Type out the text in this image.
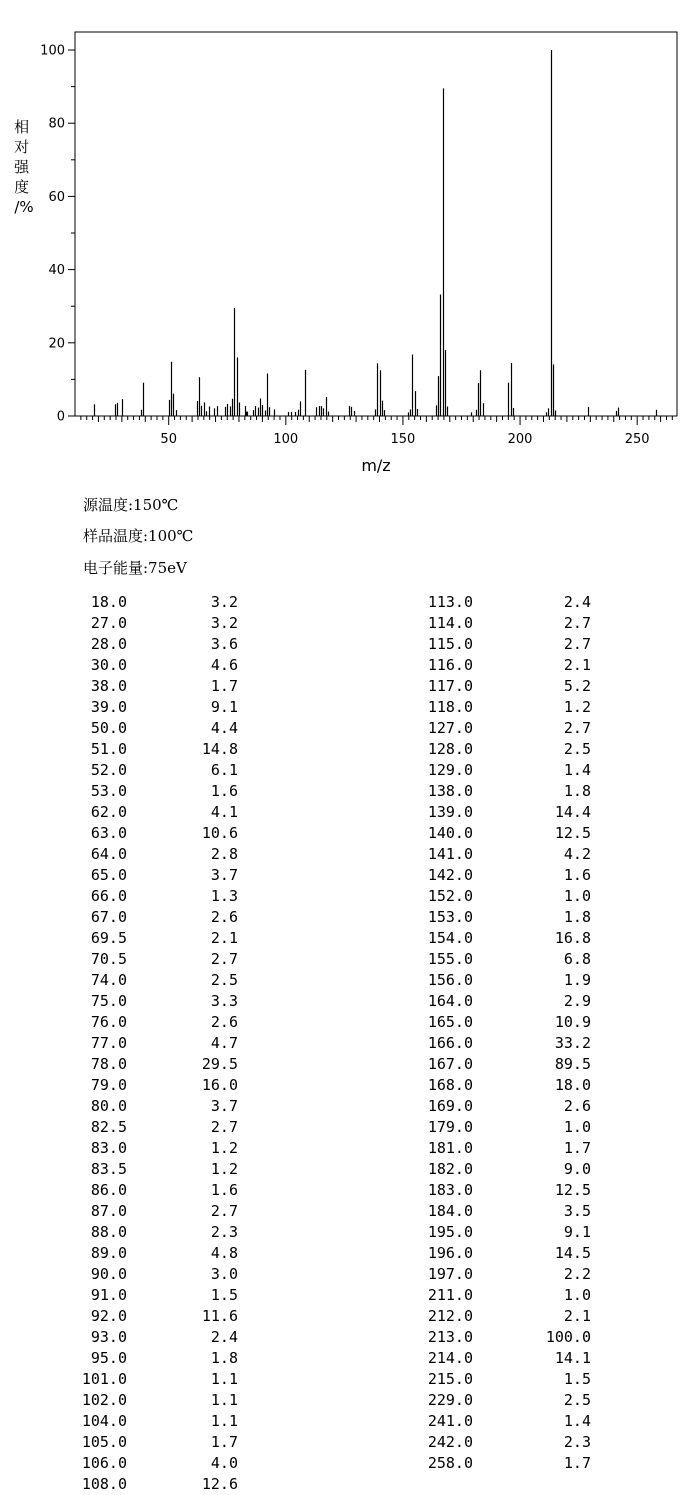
50	100	150	200	250
0
20
40
60
80
100
m/z
相 对 强 度 /%
源温度:150℃
样品温度:100℃
电子能量:75eV
18.0	3.2
27.0	3.2
28.0	3.6
30.0	4.6
38.0	1.7
39.0	9.1
50.0	4.4
51.0	14.8
52.0	6.1
53.0	1.6
62.0	4.1
63.0	10.6
64.0	2.8
65.0	3.7
66.0	1.3
67.0	2.6
69.5	2.1
70.5	2.7
74.0	2.5
75.0	3.3
76.0	2.6
77.0	4.7
78.0	29.5
79.0	16.0
80.0	3.7
82.5	2.7
83.0	1.2
83.5	1.2
86.0	1.6
87.0	2.7
88.0	2.3
89.0	4.8
90.0	3.0
91.0	1.5
92.0	11.6
93.0	2.4
95.0	1.8
101.0	1.1
102.0	1.1
104.0	1.1
105.0	1.7
106.0	4.0
108.0	12.6
113.0	2.4
114.0	2.7
115.0	2.7
116.0	2.1
117.0	5.2
118.0	1.2
127.0	2.7
128.0	2.5
129.0	1.4
138.0	1.8
139.0	14.4
140.0	12.5
141.0	4.2
142.0	1.6
152.0	1.0
153.0	1.8
154.0	16.8
155.0	6.8
156.0	1.9
164.0	2.9
165.0	10.9
166.0	33.2
167.0	89.5
168.0	18.0
169.0	2.6
179.0	1.0
181.0	1.7
182.0	9.0
183.0	12.5
184.0	3.5
195.0	9.1
196.0	14.5
197.0	2.2
211.0	1.0
212.0	2.1
213.0	100.0
214.0	14.1
215.0	1.5
229.0	2.5
241.0	1.4
242.0	2.3
258.0	1.7
